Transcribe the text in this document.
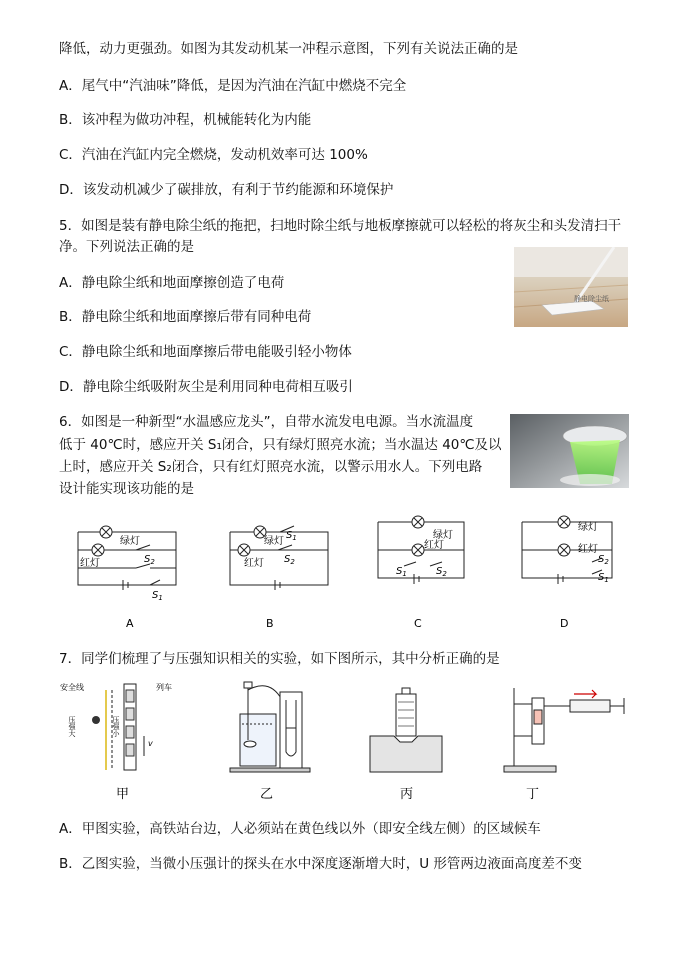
降低，动力更强劲。如图为其发动机某一冲程示意图，下列有关说法正确的是
A．尾气中“汽油味”降低，是因为汽油在汽缸中燃烧不完全
B．该冲程为做功冲程，机械能转化为内能
C．汽油在汽缸内完全燃烧，发动机效率可达 100%
D．该发动机减少了碳排放，有利于节约能源和环境保护
5．如图是装有静电除尘纸的拖把，扫地时除尘纸与地板摩擦就可以轻松的将灰尘和头发清扫干
净。下列说法正确的是
A．静电除尘纸和地面摩擦创造了电荷
B．静电除尘纸和地面摩擦后带有同种电荷
C．静电除尘纸和地面摩擦后带电能吸引轻小物体
D．静电除尘纸吸附灰尘是利用同种电荷相互吸引
6．如图是一种新型“水温感应龙头”，自带水流发电电源。当水流温度
低于 40℃时，感应开关 S₁闭合，只有绿灯照亮水流；当水温达 40℃及以
上时，感应开关 S₂闭合，只有红灯照亮水流，以警示用水人。下列电路
设计能实现该功能的是
7．同学们梳理了与压强知识相关的实验，如下图所示，其中分析正确的是
A．甲图实验，高铁站台边，人必须站在黄色线以外（即安全线左侧）的区域候车
B．乙图实验，当微小压强计的探头在水中深度逐渐增大时，U 形管两边液面高度差不变
静电除尘纸
绿灯
红灯	$S_2$
$S_1$
绿灯
红灯
$S_1$
$S_2$
绿灯
红灯
$S_1$	$S_2$
绿灯
红灯
$S_2$
$S_1$
A	B	C	D
安全线	列车
压强大	压强小
v
甲	乙	丙	丁
